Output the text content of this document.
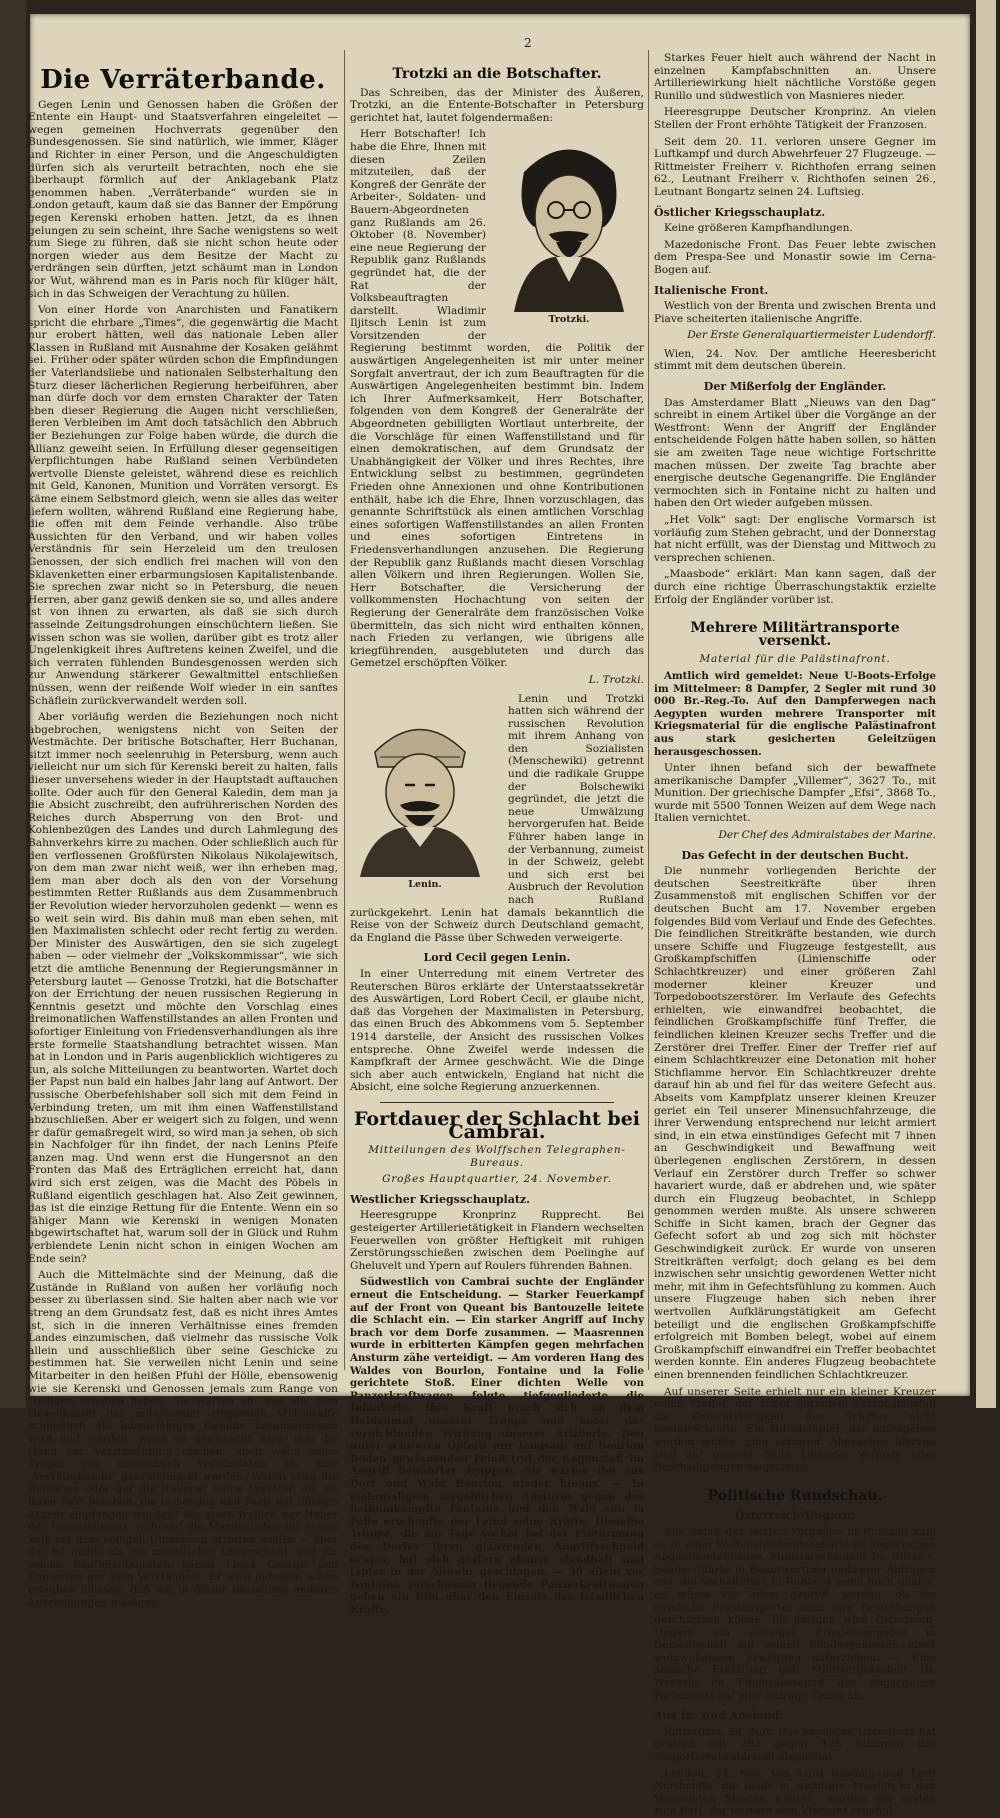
2
Die Verräterbande.

Gegen Lenin und Genossen haben die Größen der Entente ein Haupt- und Staatsverfahren eingeleitet — wegen gemeinen Hochverrats gegenüber den Bundesgenossen. Sie sind natürlich, wie immer, Kläger und Richter in einer Person, und die Angeschuldigten dürfen sich als verurteilt betrachten, noch ehe sie überhaupt förmlich auf der Anklagebank Platz genommen haben. „Verräterbande“ wurden sie in London getauft, kaum daß sie das Banner der Empörung gegen Kerenski erhoben hatten. Jetzt, da es ihnen gelungen zu sein scheint, ihre Sache wenigstens so weit zum Siege zu führen, daß sie nicht schon heute oder morgen wieder aus dem Besitze der Macht zu verdrängen sein dürften, jetzt schäumt man in London vor Wut, während man es in Paris noch für klüger hält, sich in das Schweigen der Verachtung zu hüllen.

Von einer Horde von Anarchisten und Fanatikern spricht die ehrbare „Times“, die gegenwärtig die Macht nur erobert hätten, weil das nationale Leben aller Klassen in Rußland mit Ausnahme der Kosaken gelähmt sei. Früher oder später würden schon die Empfindungen der Vaterlandsliebe und nationalen Selbsterhaltung den Sturz dieser lächerlichen Regierung herbeiführen, aber man dürfe doch vor dem ernsten Charakter der Taten eben dieser Regierung die Augen nicht verschließen, deren Verbleiben im Amt doch tatsächlich den Abbruch der Beziehungen zur Folge haben würde, die durch die Allianz geweiht seien. In Erfüllung dieser gegenseitigen Verpflichtungen habe Rußland seinen Verbündeten wertvolle Dienste geleistet, während diese es reichlich mit Geld, Kanonen, Munition und Vorräten versorgt. Es käme einem Selbstmord gleich, wenn sie alles das weiter liefern wollten, während Rußland eine Regierung habe, die offen mit dem Feinde verhandle. Also trübe Aussichten für den Verband, und wir haben volles Verständnis für sein Herzeleid um den treulosen Genossen, der sich endlich frei machen will von den Sklavenketten einer erbarmungslosen Kapitalistenbande. Sie sprechen zwar nicht so in Petersburg, die neuen Herren, aber ganz gewiß denken sie so, und alles andere ist von ihnen zu erwarten, als daß sie sich durch rasselnde Zeitungsdrohungen einschüchtern ließen. Sie wissen schon was sie wollen, darüber gibt es trotz aller Ungelenkigkeit ihres Auftretens keinen Zweifel, und die sich verraten fühlenden Bundesgenossen werden sich zur Anwendung stärkerer Gewaltmittel entschließen müssen, wenn der reißende Wolf wieder in ein sanftes Schäflein zurückverwandelt werden soll.

Aber vorläufig werden die Beziehungen noch nicht abgebrochen, wenigstens nicht von Seiten der Westmächte. Der britische Botschafter, Herr Buchanan, sitzt immer noch seelenruhig in Petersburg, wenn auch vielleicht nur um sich für Kerenski bereit zu halten, falls dieser unversehens wieder in der Hauptstadt auftauchen sollte. Oder auch für den General Kaledin, dem man ja die Absicht zuschreibt, den aufrührerischen Norden des Reiches durch Absperrung von den Brot- und Kohlenbezügen des Landes und durch Lahmlegung des Bahnverkehrs kirre zu machen. Oder schließlich auch für den verflossenen Großfürsten Nikolaus Nikolajewitsch, von dem man zwar nicht weiß, wer ihn erheben mag, dem man aber doch als den von der Vorsehung bestimmten Retter Rußlands aus dem Zusammenbruch der Revolution wieder hervorzuholen gedenkt — wenn es so weit sein wird. Bis dahin muß man eben sehen, mit den Maximalisten schlecht oder recht fertig zu werden. Der Minister des Auswärtigen, den sie sich zugelegt haben — oder vielmehr der „Volkskommissar“, wie sich jetzt die amtliche Benennung der Regierungsmänner in Petersburg lautet — Genosse Trotzki, hat die Botschafter von der Errichtung der neuen russischen Regierung in Kenntnis gesetzt und möchte den Vorschlag eines dreimonatlichen Waffenstillstandes an allen Fronten und sofortiger Einleitung von Friedensverhandlungen als ihre erste formelle Staatshandlung betrachtet wissen. Man hat in London und in Paris augenblicklich wichtigeres zu tun, als solche Mitteilungen zu beantworten. Wartet doch der Papst nun bald ein halbes Jahr lang auf Antwort. Der russische Oberbefehlshaber soll sich mit dem Feind in Verbindung treten, um mit ihm einen Waffenstillstand abzuschließen. Aber er weigert sich zu folgen, und wenn er dafür gemaßregelt wird, so wird man ja sehen, ob sich ein Nachfolger für ihn findet, der nach Lenins Pfeife tanzen mag. Und wenn erst die Hungersnot an den Fronten das Maß des Erträglichen erreicht hat, dann wird sich erst zeigen, was die Macht des Pöbels in Rußland eigentlich geschlagen hat. Also Zeit gewinnen, das ist die einzige Rettung für die Entente. Wenn ein so fähiger Mann wie Kerenski in wenigen Monaten abgewirtschaftet hat, warum soll der in Glück und Ruhm verblendete Lenin nicht schon in einigen Wochen am Ende sein?

Auch die Mittelmächte sind der Meinung, daß die Zustände in Rußland von außen her vorläufig noch besser zu überlassen sind. Sie halten aber nach wie vor streng an dem Grundsatz fest, daß es nicht ihres Amtes ist, sich in die inneren Verhältnisse eines fremden Landes einzumischen, daß vielmehr das russische Volk allein und ausschließlich über seine Geschicke zu bestimmen hat. Sie verweilen nicht Lenin und seine Mitarbeiter in den heißen Pfuhl der Hölle, ebensowenig wie sie Kerenski und Genossen jemals zum Range von Heiligen erhoben haben. Sie warten ab, was aus dem Hexenkessel der miteinander ringenden Volkskräfte schließlich als lebensfähiges Gebilde herauskommen wird und werden, wenn es gewünscht wird, ihm die Hand zur Verständigung reichen, auch wenn seine Träger von ehemaligen Verbündeten als eine „Verräterbande“ gebrandmarkt werden. Waren etwa die Rumänen oder gar die Italiener keine Verräter, als sie ihren Pakt brachen, die in London und Paris mit offenen Armen empfangen worden? Sie stach freilich der Haber des Imperialismus, während die Maximalisten ihr armes Volk vor dem völligen Untergang erretten wollen — aber das ist nichts als ein moralischer Unterschied, und für solche Sentimentalitäten haben Lloyd George und Konsorten gar kein Verständnis. Er wird indessen schon erlauben müssen, daß wir in dieser Beziehung anderen Anschauungen huldigen.

Trotzki an die Botschafter.

Das Schreiben, das der Minister des Äußeren, Trotzki, an die Entente-Botschafter in Petersburg gerichtet hat, lautet folgendermaßen:

Trotzki.

Herr Botschafter! Ich habe die Ehre, Ihnen mit diesen Zeilen mitzuteilen, daß der Kongreß der Genräte der Arbeiter-, Soldaten- und Bauern-Abgeordneten ganz Rußlands am 26. Oktober (8. November) eine neue Regierung der Republik ganz Rußlands gegründet hat, die der Rat der Volksbeauftragten darstellt. Wladimir Iljitsch Lenin ist zum Vorsitzenden der Regierung bestimmt worden, die Politik der auswärtigen Angelegenheiten ist mir unter meiner Sorgfalt anvertraut, der ich zum Beauftragten für die Auswärtigen Angelegenheiten bestimmt bin. Indem ich Ihrer Aufmerksamkeit, Herr Botschafter, folgenden von dem Kongreß der Generalräte der Abgeordneten gebilligten Wortlaut unterbreite, der die Vorschläge für einen Waffenstillstand und für einen demokratischen, auf dem Grundsatz der Unabhängigkeit der Völker und ihres Rechtes, ihre Entwicklung selbst zu bestimmen, gegründeten Frieden ohne Annexionen und ohne Kontributionen enthält, habe ich die Ehre, Ihnen vorzuschlagen, das genannte Schriftstück als einen amtlichen Vorschlag eines sofortigen Waffenstillstandes an allen Fronten und eines sofortigen Eintretens in Friedensverhandlungen anzusehen. Die Regierung der Republik ganz Rußlands macht diesen Vorschlag allen Völkern und ihren Regierungen. Wollen Sie, Herr Botschafter, die Versicherung der vollkommensten Hochachtung von seiten der Regierung der Generalräte dem französischen Volke übermitteln, das sich nicht wird enthalten können, nach Frieden zu verlangen, wie übrigens alle kriegführenden, ausgebluteten und durch das Gemetzel erschöpften Völker.

L. Trotzki.
Lenin.

Lenin und Trotzki hatten sich während der russischen Revolution mit ihrem Anhang von den Sozialisten (Menschewiki) getrennt und die radikale Gruppe der Bolschewiki gegründet, die jetzt die neue Umwälzung hervorgerufen hat. Beide Führer haben lange in der Verbannung, zumeist in der Schweiz, gelebt und sich erst bei Ausbruch der Revolution nach Rußland zurückgekehrt. Lenin hat damals bekanntlich die Reise von der Schweiz durch Deutschland gemacht, da England die Pässe über Schweden verweigerte.

Lord Cecil gegen Lenin.

In einer Unterredung mit einem Vertreter des Reuterschen Büros erklärte der Unterstaatssekretär des Auswärtigen, Lord Robert Cecil, er glaube nicht, daß das Vorgehen der Maximalisten in Petersburg, das einen Bruch des Abkommens vom 5. September 1914 darstelle, der Ansicht des russischen Volkes entspreche. Ohne Zweifel werde indessen die Kampfkraft der Armee geschwächt. Wie die Dinge sich aber auch entwickeln, England hat nicht die Absicht, eine solche Regierung anzuerkennen.

Fortdauer der Schlacht bei Cambrai.
Mitteilungen des Wolffschen Telegraphen-Bureaus.
Großes Hauptquartier, 24. November.
Westlicher Kriegsschauplatz.

Heeresgruppe Kronprinz Rupprecht. Bei gesteigerter Artillerietätigkeit in Flandern wechselten Feuerwellen von größter Heftigkeit mit ruhigen Zerstörungsschießen zwischen dem Poelinghe auf Gheluvelt und Ypern auf Roulers führenden Bahnen.

Südwestlich von Cambrai suchte der Engländer erneut die Entscheidung. — Starker Feuerkampf auf der Front von Queant bis Bantouzelle leitete die Schlacht ein. — Ein starker Angriff auf Inchy brach vor dem Dorfe zusammen. — Maasrennen wurde in erbitterten Kämpfen gegen mehrfachen Ansturm zähe verteidigt. — Am vorderen Hang des Waldes von Bourlon, Fontaine und la Folie gerichtete Stoß. Einer dichten Welle von Panzerkraftwagen folgte tiefgegliederte die Infanterie. Ihre Kraft brach sich an dem Heldenmut unserer Truppe und unter der vernichtenden Wirkung unserer Artillerie. Den unter schweren Opfern nur langsam auf Bourlon Boden gewinnenden Feind traf der Gegenstoß im Angriff bewährter Truppen. Sie warfen ihn aus Dorf und Wald Bourlon wieder hinaus. — In mehrmaligem vergeblichen Ansturm gegen das heißumkämpfte Fontaine und den Wald von la Folie erschöpfte der Feind seine Kräfte. Dieselbe Truppe, die am Tage vorher bei der Erstürmung des Dorfes ihren glänzenden Angriffsschneid erwies, hat sich gestern ebenso standhaft und tapfer in der Abwehr geschlagen. — 30 allein vor Fontaine zerschossen liegende Panzerkraftwagen geben ein Bild über den Einsatz der feindlichen Kräfte.

Starkes Feuer hielt auch während der Nacht in einzelnen Kampfabschnitten an. Unsere Artilleriewirkung hielt nächtliche Vorstöße gegen Runillo und südwestlich von Masnieres nieder.

Heeresgruppe Deutscher Kronprinz. An vielen Stellen der Front erhöhte Tätigkeit der Franzosen.

Seit dem 20. 11. verloren unsere Gegner im Luftkampf und durch Abwehrfeuer 27 Flugzeuge. — Rittmeister Freiherr v. Richthofen errang seinen 62., Leutnant Freiherr v. Richthofen seinen 26., Leutnant Bongartz seinen 24. Luftsieg.

Östlicher Kriegsschauplatz.

Keine größeren Kampfhandlungen.

Mazedonische Front. Das Feuer lebte zwischen dem Prespa-See und Monastir sowie im Cerna-Bogen auf.

Italienische Front.

Westlich von der Brenta und zwischen Brenta und Piave scheiterten italienische Angriffe.

Der Erste Generalquartiermeister Ludendorff.

Wien, 24. Nov. Der amtliche Heeresbericht stimmt mit dem deutschen überein.

Der Mißerfolg der Engländer.

Das Amsterdamer Blatt „Nieuws van den Dag“ schreibt in einem Artikel über die Vorgänge an der Westfront: Wenn der Angriff der Engländer entscheidende Folgen hätte haben sollen, so hätten sie am zweiten Tage neue wichtige Fortschritte machen müssen. Der zweite Tag brachte aber energische deutsche Gegenangriffe. Die Engländer vermochten sich in Fontaine nicht zu halten und haben den Ort wieder aufgeben müssen.

„Het Volk“ sagt: Der englische Vormarsch ist vorläufig zum Stehen gebracht, und der Donnerstag hat nicht erfüllt, was der Dienstag und Mittwoch zu versprechen schienen.

„Maasbode“ erklärt: Man kann sagen, daß der durch eine richtige Überraschungstaktik erzielte Erfolg der Engländer vorüber ist.

Mehrere Militärtransporte versenkt.
Material für die Palästinafront.

Amtlich wird gemeldet: Neue U-Boots-Erfolge im Mittelmeer: 8 Dampfer, 2 Segler mit rund 30 000 Br.-Reg.-To. Auf den Dampferwegen nach Aegypten wurden mehrere Transporter mit Kriegsmaterial für die englische Palästinafront aus stark gesicherten Geleitzügen herausgeschossen.

Unter ihnen befand sich der bewaffnete amerikanische Dampfer „Villemer“, 3627 To., mit Munition. Der griechische Dampfer „Efsi“, 3868 To., wurde mit 5500 Tonnen Weizen auf dem Wege nach Italien vernichtet.

Der Chef des Admiralstabes der Marine.
Das Gefecht in der deutschen Bucht.

Die nunmehr vorliegenden Berichte der deutschen Seestreitkräfte über ihren Zusammenstoß mit englischen Schiffen vor der deutschen Bucht am 17. November ergeben folgendes Bild vom Verlauf und Ende des Gefechtes. Die feindlichen Streitkräfte bestanden, wie durch unsere Schiffe und Flugzeuge festgestellt, aus Großkampfschiffen (Linienschiffe oder Schlachtkreuzer) und einer größeren Zahl moderner kleiner Kreuzer und Torpedobootszerstörer. Im Verlaufe des Gefechts erhielten, wie einwandfrei beobachtet, die feindlichen Großkampfschiffe fünf Treffer, die feindlichen kleinen Kreuzer sechs Treffer und die Zerstörer drei Treffer. Einer der Treffer rief auf einem Schlachtkreuzer eine Detonation mit hoher Stichflamme hervor. Ein Schlachtkreuzer drehte darauf hin ab und fiel für das weitere Gefecht aus. Abseits vom Kampfplatz unserer kleinen Kreuzer geriet ein Teil unserer Minensuchfahrzeuge, die ihrer Verwendung entsprechend nur leicht armiert sind, in ein etwa einstündiges Gefecht mit 7 ihnen an Geschwindigkeit und Bewaffnung weit überlegenen englischen Zerstörern, in dessen Verlauf ein Zerstörer durch Treffer so schwer havariert wurde, daß er abdrehen und, wie später durch ein Flugzeug beobachtet, in Schlepp genommen werden mußte. Als unsere schweren Schiffe in Sicht kamen, brach der Gegner das Gefecht sofort ab und zog sich mit höchster Geschwindigkeit zurück. Er wurde von unseren Streitkräften verfolgt; doch gelang es bei dem inzwischen sehr unsichtig gewordenen Wetter nicht mehr, mit ihm in Gefechtsfühlung zu kommen. Auch unsere Flugzeuge haben sich neben ihrer wertvollen Aufklärungstätigkeit am Gefecht beteiligt und die englischen Großkampfschiffe erfolgreich mit Bomben belegt, wobei auf einem Großkampfschiff einwandfrei ein Treffer beobachtet werden konnte. Ein anderes Flugzeug beobachtete einen brennenden feindlichen Schlachtkreuzer.

Auf unserer Seite erhielt nur ein kleiner Kreuzer einen Treffer, der außer geringem Personalausfall die Gefechtstätigkeit des Schiffes nicht beeinträchtigte. Ein Hilfsdampfer, der aufgegeben werden mußte, ging verloren. Abgesehen hiervon sind auf unserer Seite keinerlei Verluste oder Beschädigungen eingetreten.

Politische Rundschau.
Österreich-Ungarn.

Aus Anlaß der letzten Vorgänge in Rußland kam es zu einer Waffenstillstandsdebatte im ungarischen Abgeordnetenhause. Ministerpräsident Dr. Ritter v. Seidler führte in Beantwortung mehrerer Anfragen aus, die Verhältnisse in Rußland seien noch unklar; es müsse vor allem geprüft werden, ob die russische Friedenspartei auch ihre Bestrebungen durchsetzen könne. Im übrigen wird Österreich-Ungarn ein etwaiges Friedensangebot in Gemeinschaft mit seinen Bundesgenossen einer wohlwollenden Erwägung unterziehen. — Eine ähnliche Erklärung gab Ministerpräsident Dr. Wekerle im Finanzausschuß des ungarischen Parlaments auf eine Anfrage Tiszas ab.

Aus In- und Ausland.

Rotterdam, 24. Nov. Das englische Unterhaus hat gestern mit 292 gegen 126 Stimmen das Proportionalwahlrecht abgelehnt.

London, 24. Nov. Von Lord Reading und Lord Northcliffe, die beide in wichtiger Mission in den Vereinigten Staaten weilten, wurden der ersten zum Earl, der letztere zum Viscount ernannt.
